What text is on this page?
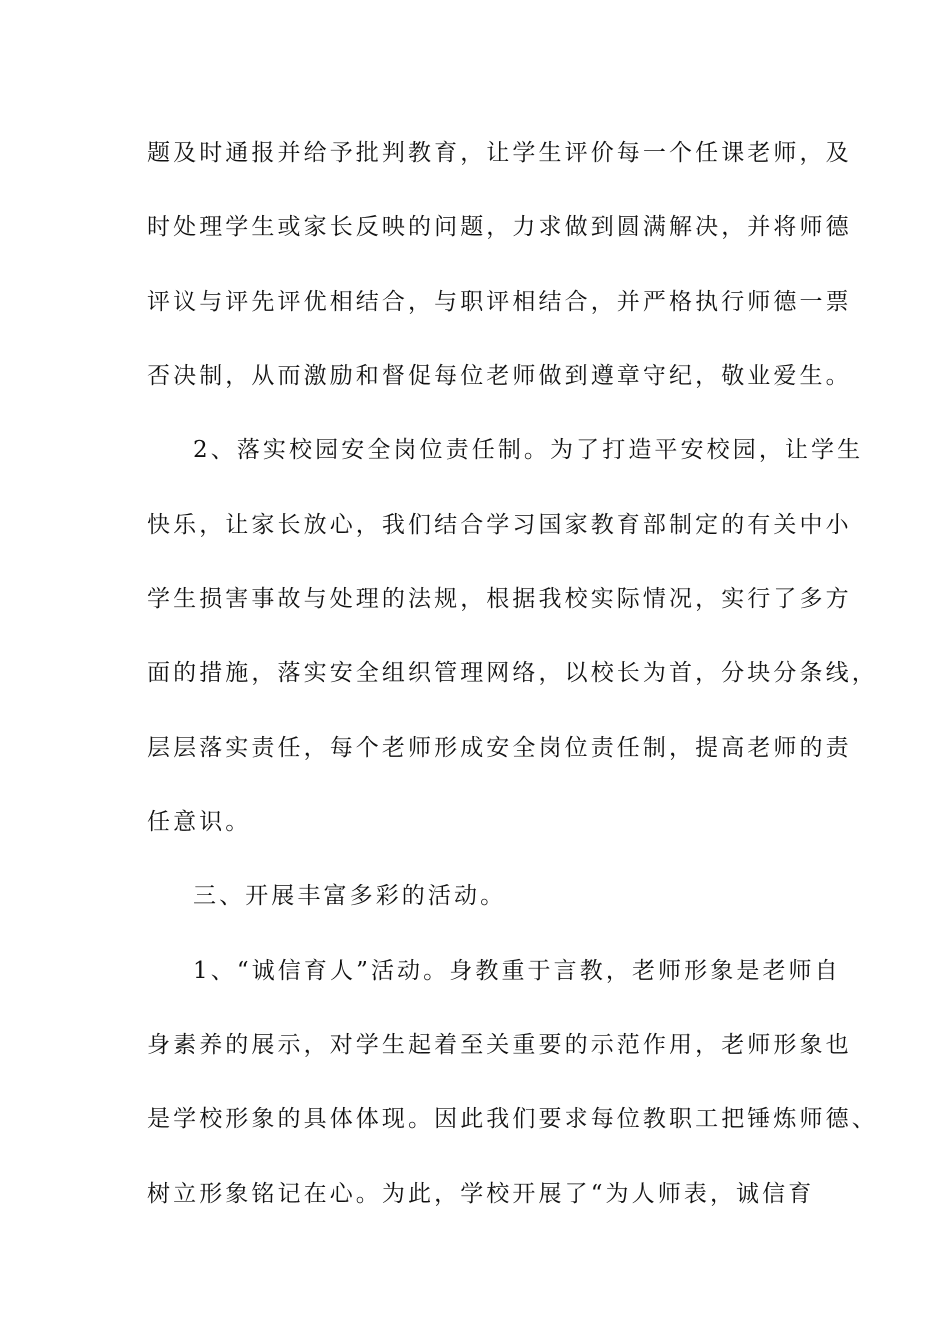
题及时通报并给予批判教育，让学生评价每一个任课老师，及
时处理学生或家长反映的问题，力求做到圆满解决，并将师德
评议与评先评优相结合，与职评相结合，并严格执行师德一票
否决制，从而激励和督促每位老师做到遵章守纪，敬业爱生。
2、落实校园安全岗位责任制。为了打造平安校园，让学生
快乐，让家长放心，我们结合学习国家教育部制定的有关中小
学生损害事故与处理的法规，根据我校实际情况，实行了多方
面的措施，落实安全组织管理网络，以校长为首，分块分条线，
层层落实责任，每个老师形成安全岗位责任制，提高老师的责
任意识。
三、开展丰富多彩的活动。
1、“诚信育人”活动。身教重于言教，老师形象是老师自
身素养的展示，对学生起着至关重要的示范作用，老师形象也
是学校形象的具体体现。因此我们要求每位教职工把锤炼师德、
树立形象铭记在心。为此，学校开展了“为人师表，诚信育
